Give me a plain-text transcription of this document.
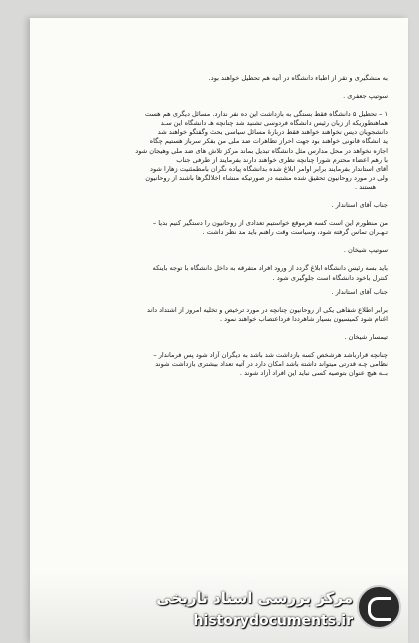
به منشگیری و تقر از اطباء دانشگاه در آتیه هم تحطیل خواهند بود.

سوتیپ جعفری .

۱ – تحطیل ۵ دانشگاه فقط بستگی به بازداشت این ده نفر ندارد. مسائل دیگری هم هست

هماهنطوریکه از زبان رئیس دانشگاه فردوسی تشنید شد چنانچه هـ دانشگاه این سـد

دانشجویان دیس نخواهند خواهند فقط دربارهٔ مسائل سیاسی بحث وگفتگو خواهند شد

ید انشگاه قانونی خواهند بود جهت احراز تظاهرات ضد ملی من بفکر سرباز هستیم چگاه

اجازه نخواهد در محل مدارس مثل دانشگاه تبدیل بماند مرکز تلاش های ضد ملی وهیجان شود

با رهم اعضاء محترم شورا چنانچه نظری خواهند دارند بفرمایند از طرفی جناب

آقای استاندار بفرمایند برابر اوامر ابلاغ شده بدانشگاه پیاده نگران بامطمئنیت زهارا شود

ولی در مورد روحانیون تحقیق شده مشتبه در صورتیکه منشاء اخلالگرها باشند از روحانیون

هستند .

جناب آقای استاندار .

من منظورم این است کسه هرموقع خواستیم تعدادی از روحانیون را دستگیر کنیم بدیا –

تـهـران تماس گرفته شود، وسیاست وقت راهنم باید مد نظر داشت .

سوتیپ شیخان .

باید بسه رئیس دانشگاه ابلاغ گردد از ورود افراد متفرقه به داخل دانشگاه با توجه باینکه

کنترل باخود دانشگاه است جلوگیری شود .

جناب آقای استاندار .

برابر اطلاع شفاهی یکی از روحانیون چنانچه در مورد ترخیص و تخلیه امروز از اشتداد داند

اغنام شود کمیسیون بسیار شاهرددا فرداعتصاب خواهند نمود .

تیمسار شیخان .

چنانچه قرارباشد هرشخص کسه بازداشت شد باشد به دیگران آزاد شود پس فرماندار –

نظامی چـه قدرتی میتواند داشته باشد امکان دارد در آتیه تعداد بیشتری بازداشت شوند

بــه هیچ عنوان بتوصیه کسی نباید این افراد آزاد شوند .

مرکز بررسی اسناد تاریخی
historydocuments.ir
